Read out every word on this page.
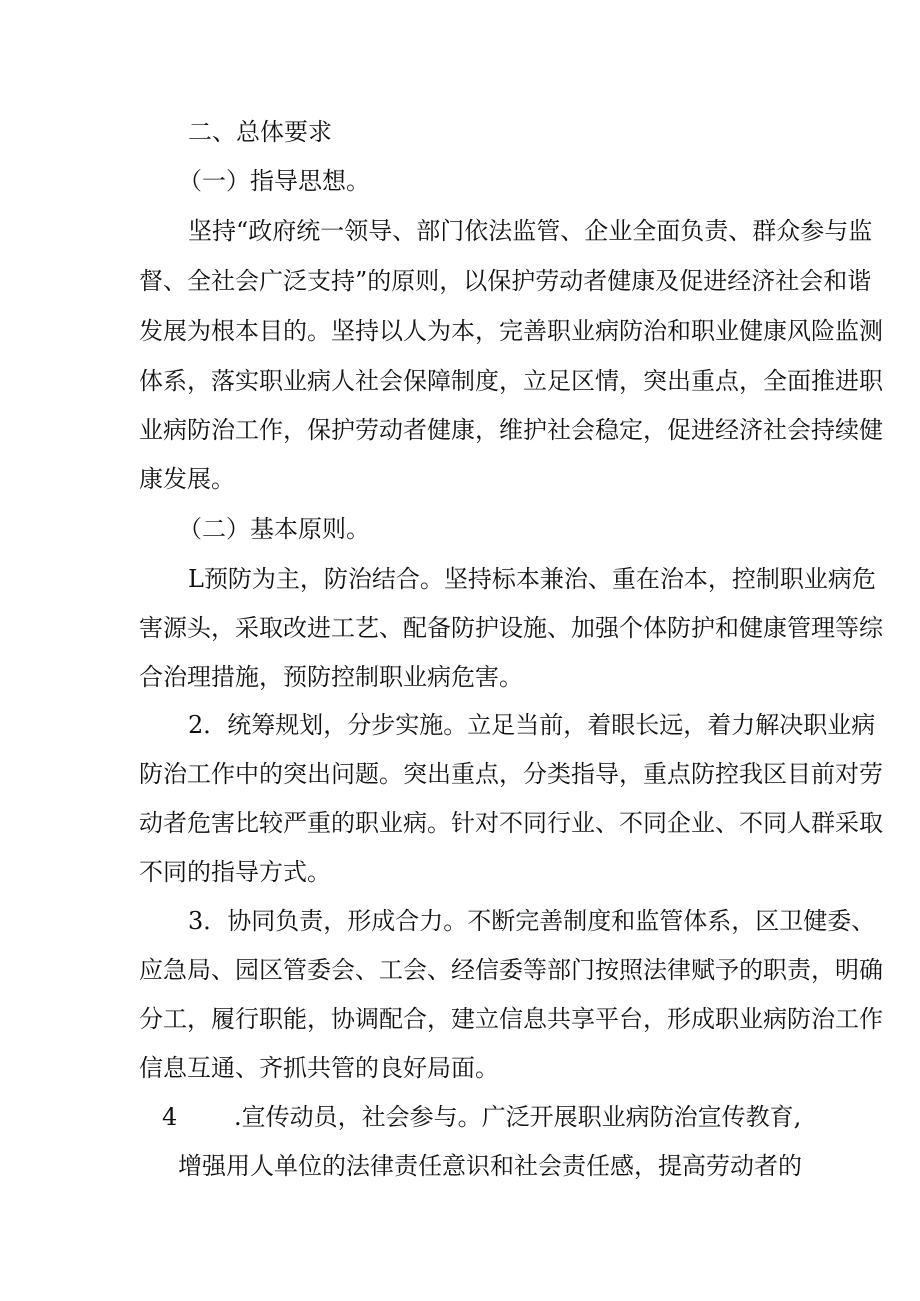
二、总体要求
（一）指导思想。
坚持“政府统一领导、部门依法监管、企业全面负责、群众参与监
督、全社会广泛支持”的原则，以保护劳动者健康及促进经济社会和谐
发展为根本目的。坚持以人为本，完善职业病防治和职业健康风险监测
体系，落实职业病人社会保障制度，立足区情，突出重点，全面推进职
业病防治工作，保护劳动者健康，维护社会稳定，促进经济社会持续健
康发展。
（二）基本原则。
L预防为主，防治结合。坚持标本兼治、重在治本，控制职业病危
害源头，采取改进工艺、配备防护设施、加强个体防护和健康管理等综
合治理措施，预防控制职业病危害。
2．统筹规划，分步实施。立足当前，着眼长远，着力解决职业病
防治工作中的突出问题。突出重点，分类指导，重点防控我区目前对劳
动者危害比较严重的职业病。针对不同行业、不同企业、不同人群采取
不同的指导方式。
3．协同负责，形成合力。不断完善制度和监管体系，区卫健委、
应急局、园区管委会、工会、经信委等部门按照法律赋予的职责，明确
分工，履行职能，协调配合，建立信息共享平台，形成职业病防治工作
信息互通、齐抓共管的良好局面。
4 .宣传动员，社会参与。广泛开展职业病防治宣传教育,
增强用人单位的法律责任意识和社会责任感，提高劳动者的
